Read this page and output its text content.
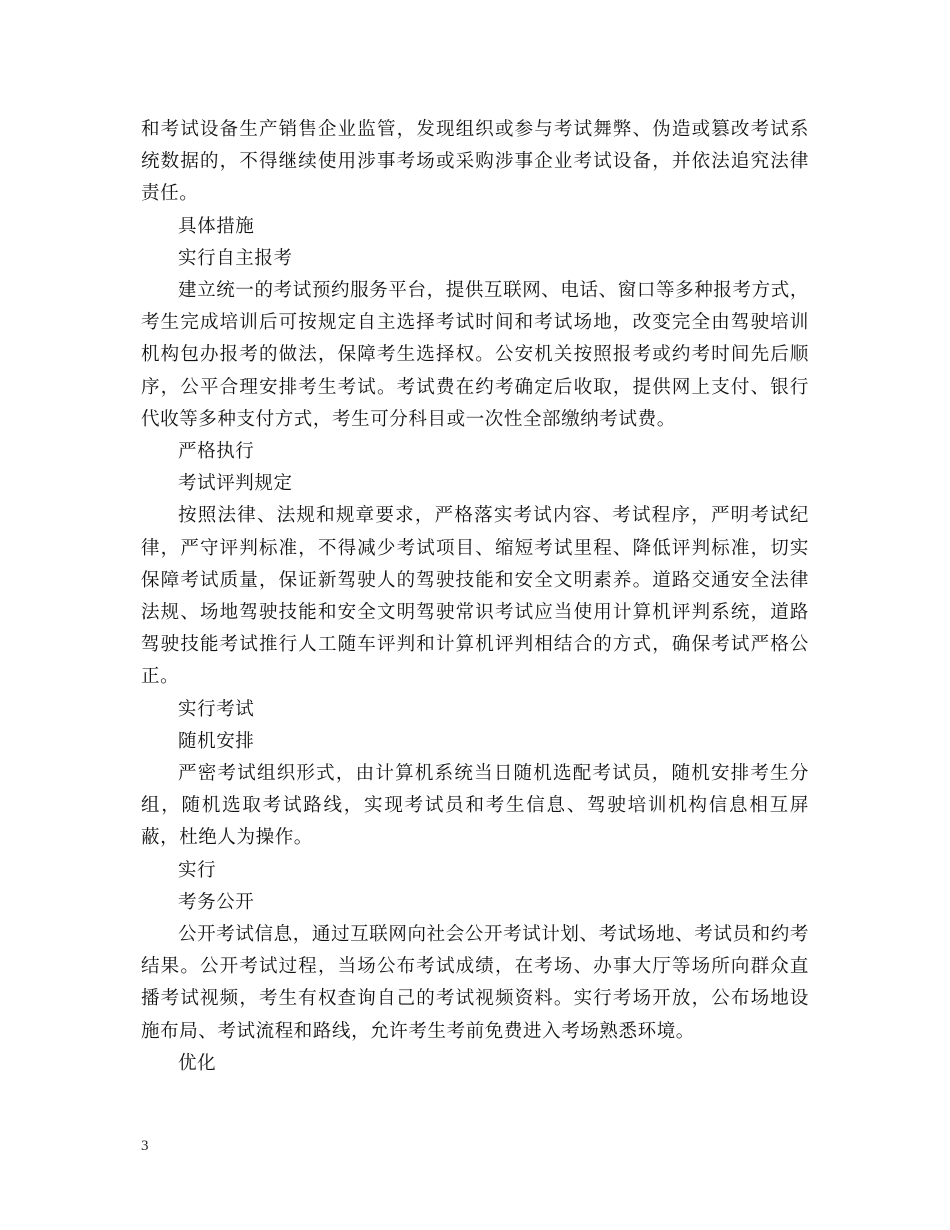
和考试设备生产销售企业监管，发现组织或参与考试舞弊、伪造或篡改考试系统数据的，不得继续使用涉事考场或采购涉事企业考试设备，并依法追究法律责任。

具体措施

实行自主报考

建立统一的考试预约服务平台，提供互联网、电话、窗口等多种报考方式，考生完成培训后可按规定自主选择考试时间和考试场地，改变完全由驾驶培训机构包办报考的做法，保障考生选择权。公安机关按照报考或约考时间先后顺序，公平合理安排考生考试。考试费在约考确定后收取，提供网上支付、银行代收等多种支付方式，考生可分科目或一次性全部缴纳考试费。

严格执行

考试评判规定

按照法律、法规和规章要求，严格落实考试内容、考试程序，严明考试纪律，严守评判标准，不得减少考试项目、缩短考试里程、降低评判标准，切实保障考试质量，保证新驾驶人的驾驶技能和安全文明素养。道路交通安全法律法规、场地驾驶技能和安全文明驾驶常识考试应当使用计算机评判系统，道路驾驶技能考试推行人工随车评判和计算机评判相结合的方式，确保考试严格公正。

实行考试

随机安排

严密考试组织形式，由计算机系统当日随机选配考试员，随机安排考生分组，随机选取考试路线，实现考试员和考生信息、驾驶培训机构信息相互屏蔽，杜绝人为操作。

实行

考务公开

公开考试信息，通过互联网向社会公开考试计划、考试场地、考试员和约考结果。公开考试过程，当场公布考试成绩，在考场、办事大厅等场所向群众直播考试视频，考生有权查询自己的考试视频资料。实行考场开放，公布场地设施布局、考试流程和路线，允许考生考前免费进入考场熟悉环境。

优化

3
